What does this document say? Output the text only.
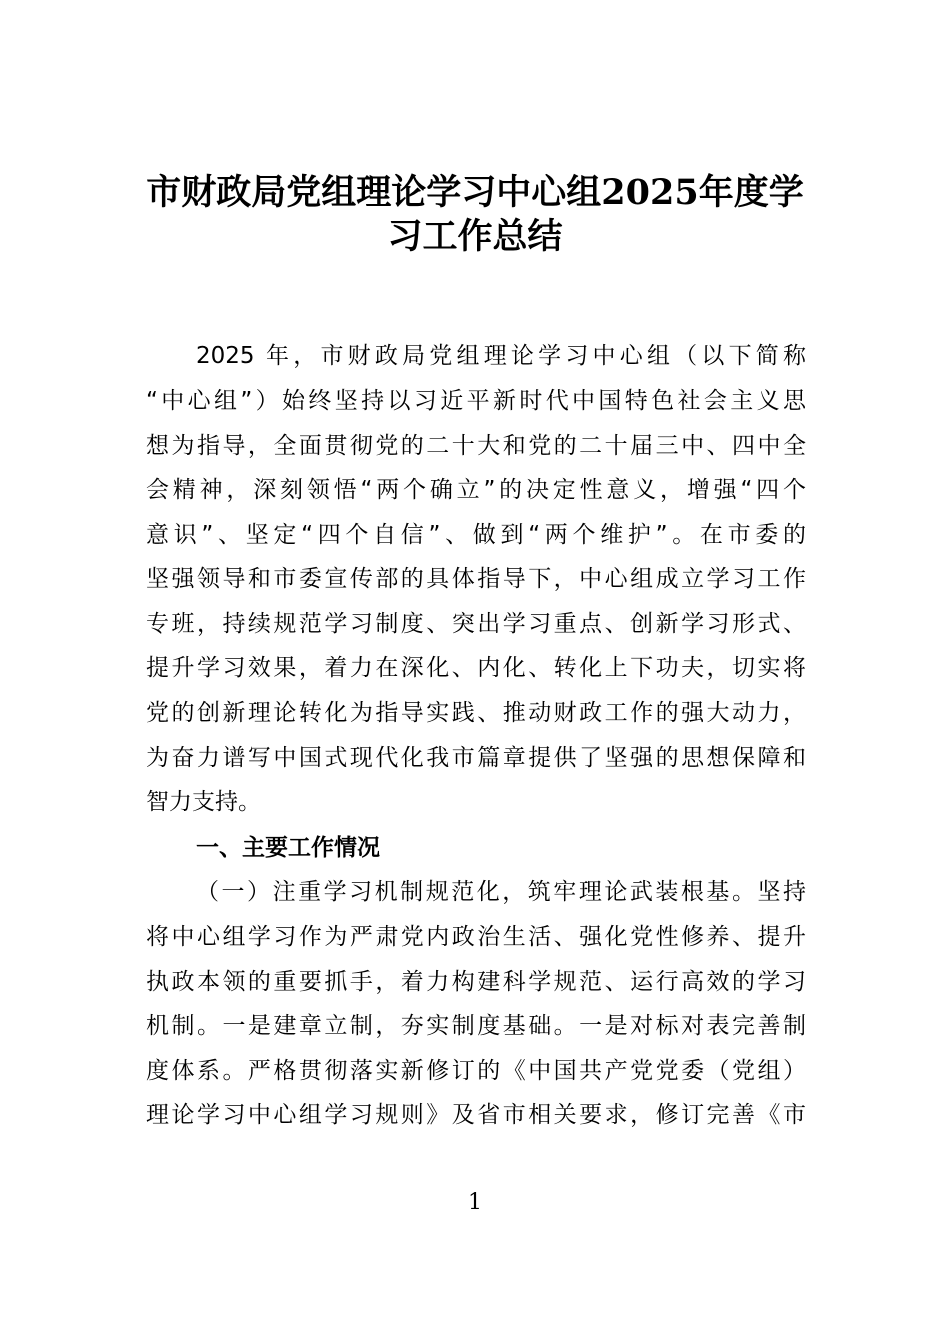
市财政局党组理论学习中心组2025年度学
习工作总结
2025 年，市财政局党组理论学习中心组（以下简称
“中心组”）始终坚持以习近平新时代中国特色社会主义思
想为指导，全面贯彻党的二十大和党的二十届三中、四中全
会精神，深刻领悟“两个确立”的决定性意义，增强“四个
意识”、坚定“四个自信”、做到“两个维护”。在市委的
坚强领导和市委宣传部的具体指导下，中心组成立学习工作
专班，持续规范学习制度、突出学习重点、创新学习形式、
提升学习效果，着力在深化、内化、转化上下功夫，切实将
党的创新理论转化为指导实践、推动财政工作的强大动力，
为奋力谱写中国式现代化我市篇章提供了坚强的思想保障和
智力支持。
一、主要工作情况
（一）注重学习机制规范化，筑牢理论武装根基。坚持
将中心组学习作为严肃党内政治生活、强化党性修养、提升
执政本领的重要抓手，着力构建科学规范、运行高效的学习
机制。一是建章立制，夯实制度基础。一是对标对表完善制
度体系。严格贯彻落实新修订的《中国共产党党委（党组）
理论学习中心组学习规则》及省市相关要求，修订完善《市
1
